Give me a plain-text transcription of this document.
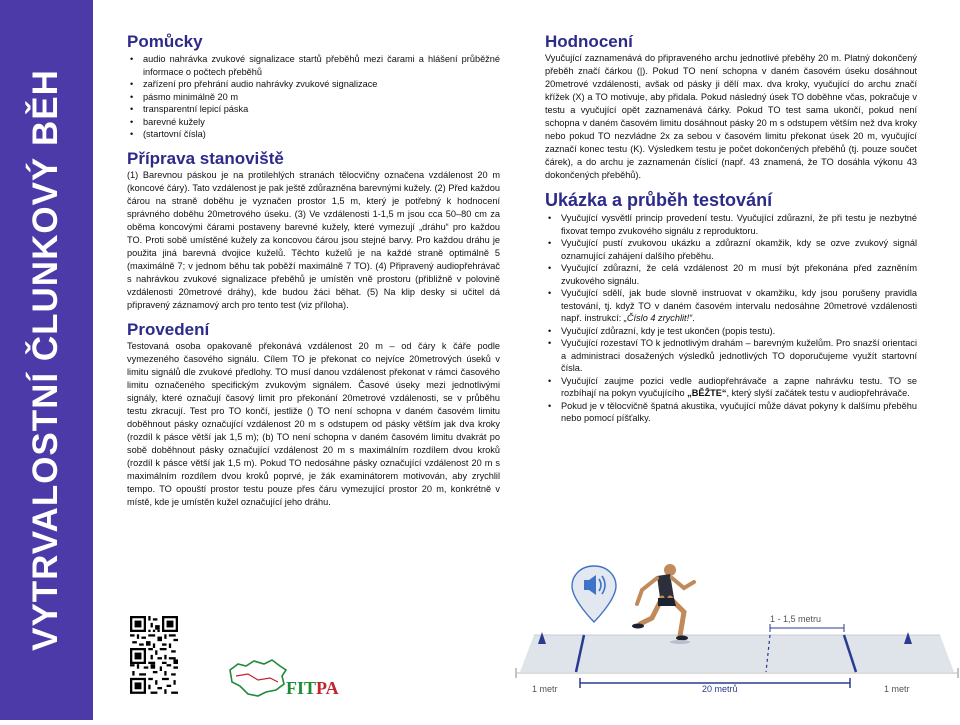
VYTRVALOSTNÍ ČLUNKOVÝ BĚH
Pomůcky
• audio nahrávka zvukové signalizace startů přeběhů mezi čarami a hlášení průběžné informace o počtech přeběhů
• zařízení pro přehrání audio nahrávky zvukové signalizace
• pásmo minimálně 20 m
• transparentní lepicí páska
• barevné kužely
• (startovní čísla)
Příprava stanoviště

(1) Barevnou páskou je na protilehlých stranách tělocvičny označena vzdálenost 20 m (koncové čáry). Tato vzdálenost je pak ještě zdůrazněna barevnými kužely. (2) Před každou čárou na straně doběhu je vyznačen prostor 1,5 m, který je potřebný k hodnocení správného doběhu 20metrového úseku. (3) Ve vzdálenosti 1-1,5 m jsou cca 50–80 cm za oběma koncovými čárami postaveny barevné kužely, které vymezují „dráhu“ pro každou TO. Proti sobě umístěné kužely za koncovou čárou jsou stejné barvy. Pro každou dráhu je použita jiná barevná dvojice kuželů. Těchto kuželů je na každé straně optimálně 5 (maximálně 7; v jednom běhu tak poběží maximálně 7 TO). (4) Připravený audiopřehrávač s nahrávkou zvukové signalizace přeběhů je umístěn vně prostoru (přibližně v polovině vzdálenosti 20metrové dráhy), kde budou žáci běhat. (5) Na klip desky si učitel dá připravený záznamový arch pro tento test (viz příloha).

Provedení

Testovaná osoba opakovaně překonává vzdálenost 20 m – od čáry k čáře podle vymezeného časového signálu. Cílem TO je překonat co nejvíce 20metrových úseků v limitu signálů dle zvukové předlohy. TO musí danou vzdálenost překonat v rámci časového limitu označeného specifickým zvukovým signálem. Časové úseky mezi jednotlivými signály, které označují časový limit pro překonání 20metrové vzdálenosti, se v průběhu testu zkracují. Test pro TO končí, jestliže () TO není schopna v daném časovém limitu doběhnout pásky označující vzdálenost 20 m s odstupem od pásky větším jak dva kroky (rozdíl k pásce větší jak 1,5 m); (b) TO není schopna v daném časovém limitu dvakrát po sobě doběhnout pásky označující vzdálenost 20 m s maximálním rozdílem dvou kroků (rozdíl k pásce větší jak 1,5 m). Pokud TO nedosáhne pásky označující vzdálenost 20 m s maximálním rozdílem dvou kroků poprvé, je žák examinátorem motivován, aby zrychlil tempo. TO opouští prostor testu pouze přes čáru vymezující prostor 20 m, konkrétně v místě, kde je umístěn kužel označující jeho dráhu.

Hodnocení

Vyučující zaznamenává do připraveného archu jednotlivé přeběhy 20 m. Platný dokončený přeběh značí čárkou (|). Pokud TO není schopna v daném časovém úseku dosáhnout 20metrové vzdálenosti, avšak od pásky ji dělí max. dva kroky, vyučující do archu značí křížek (X) a TO motivuje, aby přidala. Pokud následný úsek TO doběhne včas, pokračuje v testu a vyučující opět zaznamenává čárky. Pokud TO test sama ukončí, pokud není schopna v daném časovém limitu dosáhnout pásky 20 m s odstupem větším než dva kroky nebo pokud TO nezvládne 2x za sebou v časovém limitu překonat úsek 20 m, vyučující zaznačí konec testu (K). Výsledkem testu je počet dokončených přeběhů (tj. pouze součet čárek), a do archu je zaznamenán číslicí (např. 43 znamená, že TO dosáhla výkonu 43 dokončených přeběhů).

Ukázka a průběh testování
• Vyučující vysvětlí princip provedení testu. Vyučující zdůrazní, že při testu je nezbytné fixovat tempo zvukového signálu z reproduktoru.
• Vyučující pustí zvukovou ukázku a zdůrazní okamžik, kdy se ozve zvukový signál oznamující zahájení dalšího přeběhu.
• Vyučující zdůrazní, že celá vzdálenost 20 m musí být překonána před zazněním zvukového signálu.
• Vyučující sdělí, jak bude slovně instruovat v okamžiku, kdy jsou porušeny pravidla testování, tj. když TO v daném časovém intervalu nedosáhne 20metrové vzdálenosti např. instrukcí: „Číslo 4 zrychlit!“.
• Vyučující zdůrazní, kdy je test ukončen (popis testu).
• Vyučující rozestaví TO k jednotlivým drahám – barevným kuželům. Pro snazší orientaci a administraci dosažených výsledků jednotlivých TO doporučujeme využít startovní čísla.
• Vyučující zaujme pozici vedle audiopřehrávače a zapne nahrávku testu. TO se rozbíhají na pokyn vyučujícího „BĚŽTE“, který slyší začátek testu v audiopřehrávače.
• Pokud je v tělocvičně špatná akustika, vyučující může dávat pokyny k dalšímu přeběhu nebo pomocí píšťalky.
FITPA
1 - 1,5 metru
1 metr	20 metrů	1 metr
